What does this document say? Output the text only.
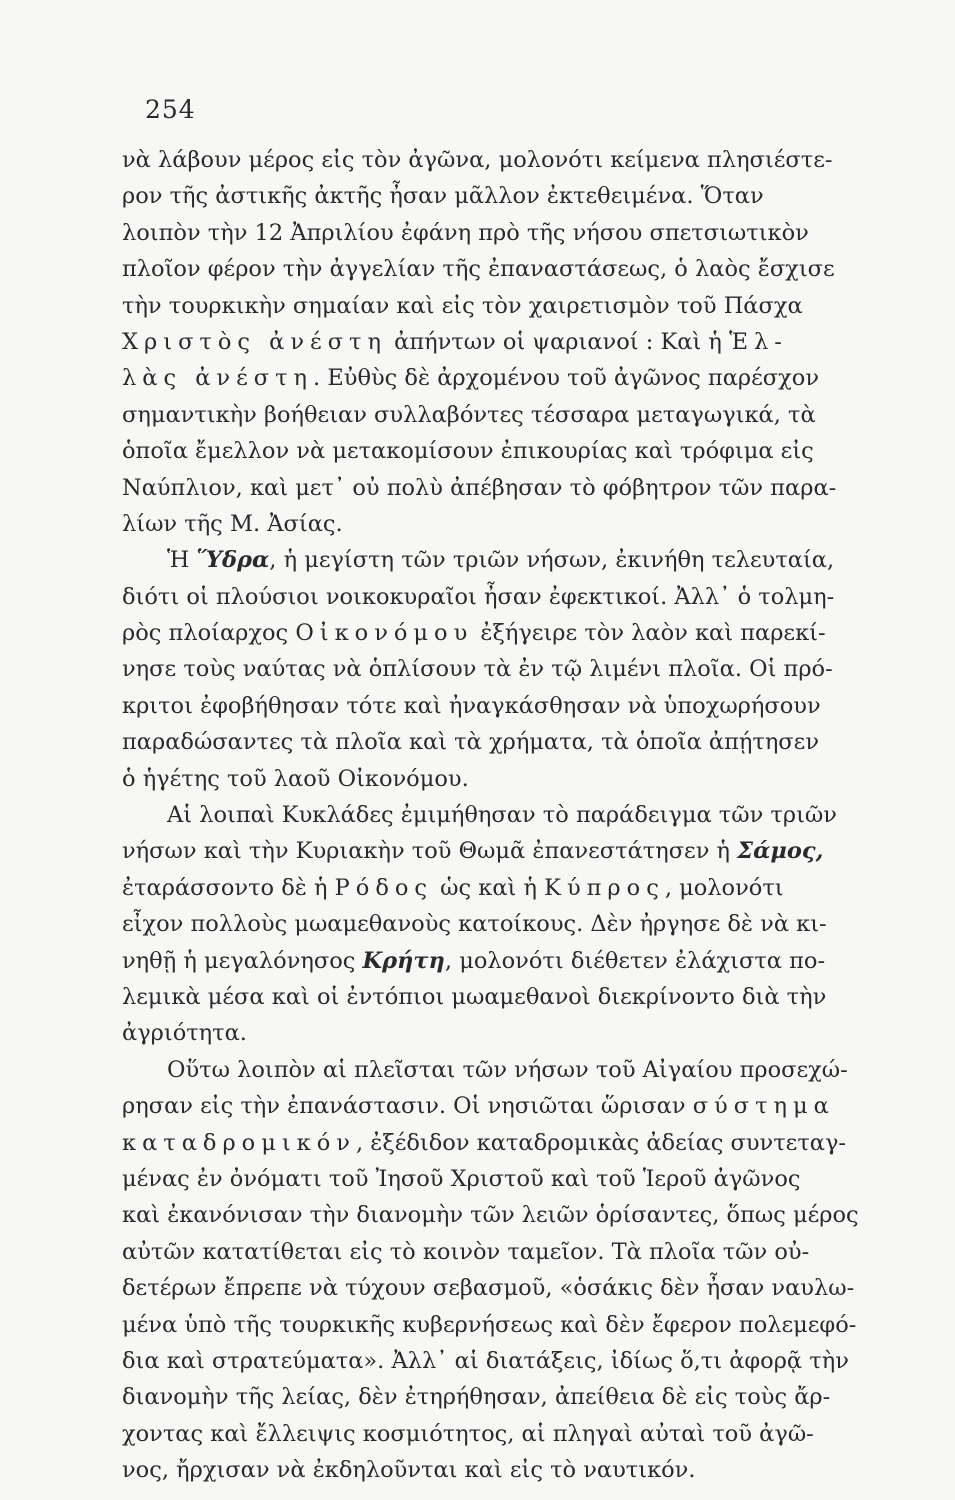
254
νὰ λάβουν μέρος εἰς τὸν ἀγῶνα, μολονότι κείμενα πλησιέστε-
ρον τῆς ἀστικῆς ἀκτῆς ἦσαν μᾶλλον ἐκτεθειμένα. Ὅταν
λοιπὸν τὴν 12 Ἀπριλίου ἐφάνη πρὸ τῆς νήσου σπετσιωτικὸν
πλοῖον φέρον τὴν ἀγγελίαν τῆς ἐπαναστάσεως, ὁ λαὸς ἔσχισε
τὴν τουρκικὴν σημαίαν καὶ εἰς τὸν χαιρετισμὸν τοῦ Πάσχα
Χριστὸς ἀνέστη ἀπήντων οἱ ψαριανοί : Καὶ ἡ Ἑλ-
λὰς ἀνέστη. Εὐθὺς δὲ ἀρχομένου τοῦ ἀγῶνος παρέσχον
σημαντικὴν βοήθειαν συλλαβόντες τέσσαρα μεταγωγικά, τὰ
ὁποῖα ἔμελλον νὰ μετακομίσουν ἐπικουρίας καὶ τρόφιμα εἰς
Ναύπλιον, καὶ μετ᾽ οὐ πολὺ ἀπέβησαν τὸ φόβητρον τῶν παρα-
λίων τῆς Μ. Ἀσίας.
Ἡ Ὕδρα, ἡ μεγίστη τῶν τριῶν νήσων, ἐκινήθη τελευταία,
διότι οἱ πλούσιοι νοικοκυραῖοι ἦσαν ἐφεκτικοί. Ἀλλ᾽ ὁ τολμη-
ρὸς πλοίαρχος Οἰκονόμου ἐξήγειρε τὸν λαὸν καὶ παρεκί-
νησε τοὺς ναύτας νὰ ὁπλίσουν τὰ ἐν τῷ λιμένι πλοῖα. Οἱ πρό-
κριτοι ἐφοβήθησαν τότε καὶ ἠναγκάσθησαν νὰ ὑποχωρήσουν
παραδώσαντες τὰ πλοῖα καὶ τὰ χρήματα, τὰ ὁποῖα ἀπῄτησεν
ὁ ἡγέτης τοῦ λαοῦ Οἰκονόμου.
Αἱ λοιπαὶ Κυκλάδες ἐμιμήθησαν τὸ παράδειγμα τῶν τριῶν
νήσων καὶ τὴν Κυριακὴν τοῦ Θωμᾶ ἐπανεστάτησεν ἡ Σάμος,
ἐταράσσοντο δὲ ἡ Ρόδος ὡς καὶ ἡ Κύπρος, μολονότι
εἶχον πολλοὺς μωαμεθανοὺς κατοίκους. Δὲν ἠργησε δὲ νὰ κι-
νηθῇ ἡ μεγαλόνησος Κρήτη, μολονότι διέθετεν ἐλάχιστα πο-
λεμικὰ μέσα καὶ οἱ ἐντόπιοι μωαμεθανοὶ διεκρίνοντο διὰ τὴν
ἀγριότητα.
Οὕτω λοιπὸν αἱ πλεῖσται τῶν νήσων τοῦ Αἰγαίου προσεχώ-
ρησαν εἰς τὴν ἐπανάστασιν. Οἱ νησιῶται ὥρισαν σύστημα
καταδρομικόν, ἐξέδιδον καταδρομικὰς ἀδείας συντεταγ-
μένας ἐν ὀνόματι τοῦ Ἰησοῦ Χριστοῦ καὶ τοῦ Ἱεροῦ ἀγῶνος
καὶ ἐκανόνισαν τὴν διανομὴν τῶν λειῶν ὁρίσαντες, ὅπως μέρος
αὐτῶν κατατίθεται εἰς τὸ κοινὸν ταμεῖον. Τὰ πλοῖα τῶν οὐ-
δετέρων ἔπρεπε νὰ τύχουν σεβασμοῦ, «ὁσάκις δὲν ἦσαν ναυλω-
μένα ὑπὸ τῆς τουρκικῆς κυβερνήσεως καὶ δὲν ἔφερον πολεμεφό-
δια καὶ στρατεύματα». Ἀλλ᾽ αἱ διατάξεις, ἰδίως ὅ,τι ἀφορᾷ τὴν
διανομὴν τῆς λείας, δὲν ἐτηρήθησαν, ἀπείθεια δὲ εἰς τοὺς ἄρ-
χοντας καὶ ἔλλειψις κοσμιότητος, αἱ πληγαὶ αὐταὶ τοῦ ἀγῶ-
νος, ἤρχισαν νὰ ἐκδηλοῦνται καὶ εἰς τὸ ναυτικόν.
